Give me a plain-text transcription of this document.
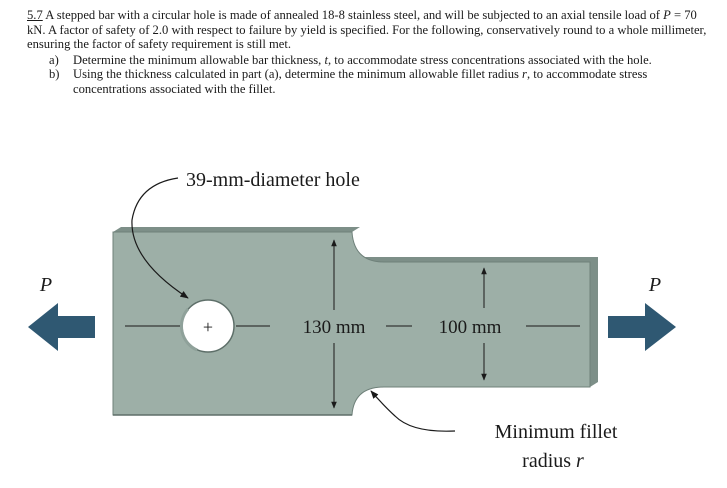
5.7 A stepped bar with a circular hole is made of annealed 18-8 stainless steel, and will be subjected to an axial tensile load of P = 70 kN. A factor of safety of 2.0 with respect to failure by yield is specified. For the following, conservatively round to a whole millimeter, ensuring the factor of safety requirement is still met.

a) Determine the minimum allowable bar thickness, t, to accommodate stress concentrations associated with the hole.
b) Using the thickness calculated in part (a), determine the minimum allowable fillet radius r, to accommodate stress concentrations associated with the fillet.
+	130 mm	100 mm
39-mm-diameter hole
Minimum fillet
radius r
P	P
